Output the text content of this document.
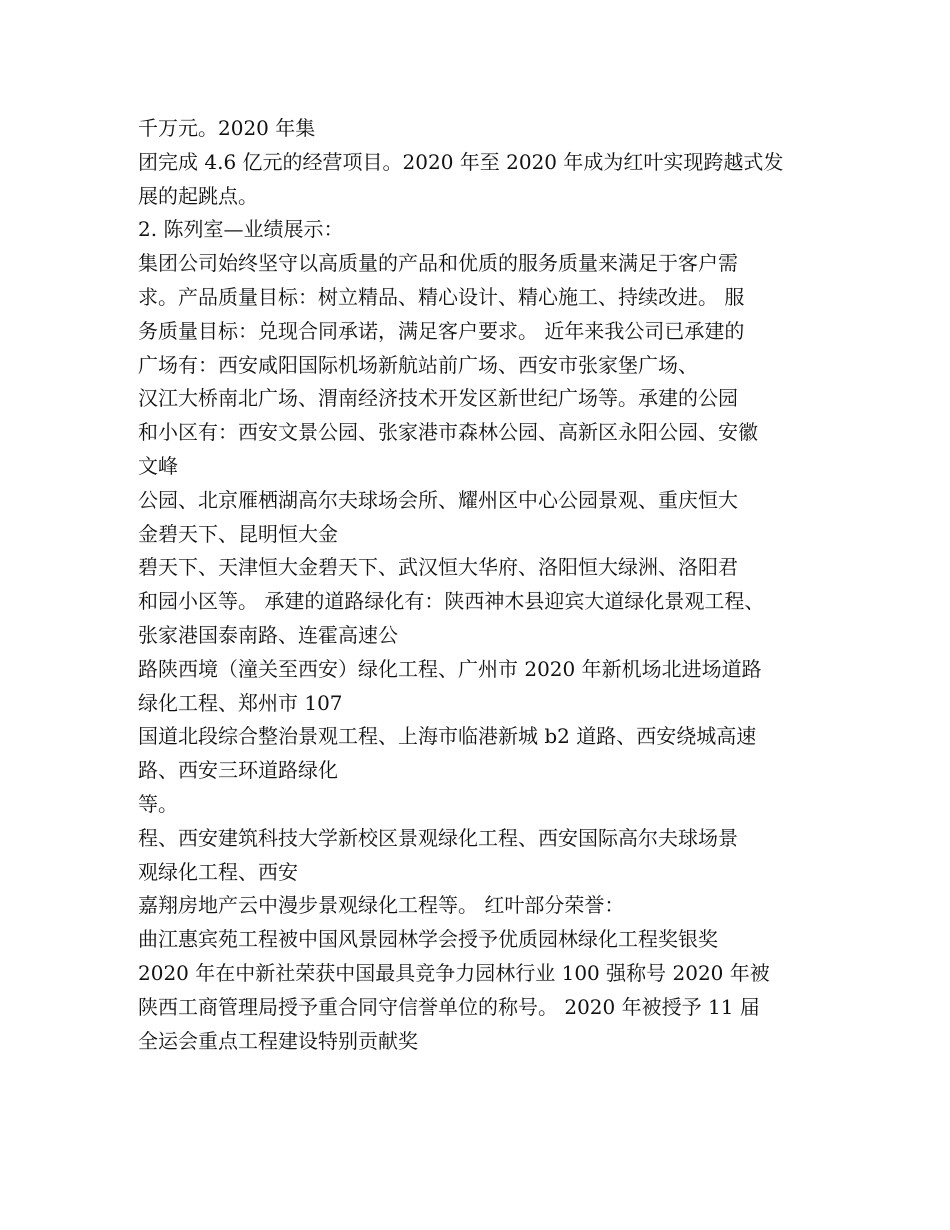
千万元。2020 年集
团完成 4.6 亿元的经营项目。2020 年至 2020 年成为红叶实现跨越式发
展的起跳点。
2. 陈列室—业绩展示：
集团公司始终坚守以高质量的产品和优质的服务质量来满足于客户需
求。产品质量目标：树立精品、精心设计、精心施工、持续改进。 服
务质量目标：兑现合同承诺，满足客户要求。 近年来我公司已承建的
广场有：西安咸阳国际机场新航站前广场、西安市张家堡广场、
汉江大桥南北广场、渭南经济技术开发区新世纪广场等。承建的公园
和小区有：西安文景公园、张家港市森林公园、高新区永阳公园、安徽
文峰
公园、北京雁栖湖高尔夫球场会所、耀州区中心公园景观、重庆恒大
金碧天下、昆明恒大金
碧天下、天津恒大金碧天下、武汉恒大华府、洛阳恒大绿洲、洛阳君
和园小区等。 承建的道路绿化有：陕西神木县迎宾大道绿化景观工程、
张家港国泰南路、连霍高速公
路陕西境（潼关至西安）绿化工程、广州市 2020 年新机场北进场道路
绿化工程、郑州市 107
国道北段综合整治景观工程、上海市临港新城 b2 道路、西安绕城高速
路、西安三环道路绿化
等。
程、西安建筑科技大学新校区景观绿化工程、西安国际高尔夫球场景
观绿化工程、西安
嘉翔房地产云中漫步景观绿化工程等。 红叶部分荣誉：
曲江惠宾苑工程被中国风景园林学会授予优质园林绿化工程奖银奖
2020 年在中新社荣获中国最具竞争力园林行业 100 强称号 2020 年被
陕西工商管理局授予重合同守信誉单位的称号。 2020 年被授予 11 届
全运会重点工程建设特别贡献奖
